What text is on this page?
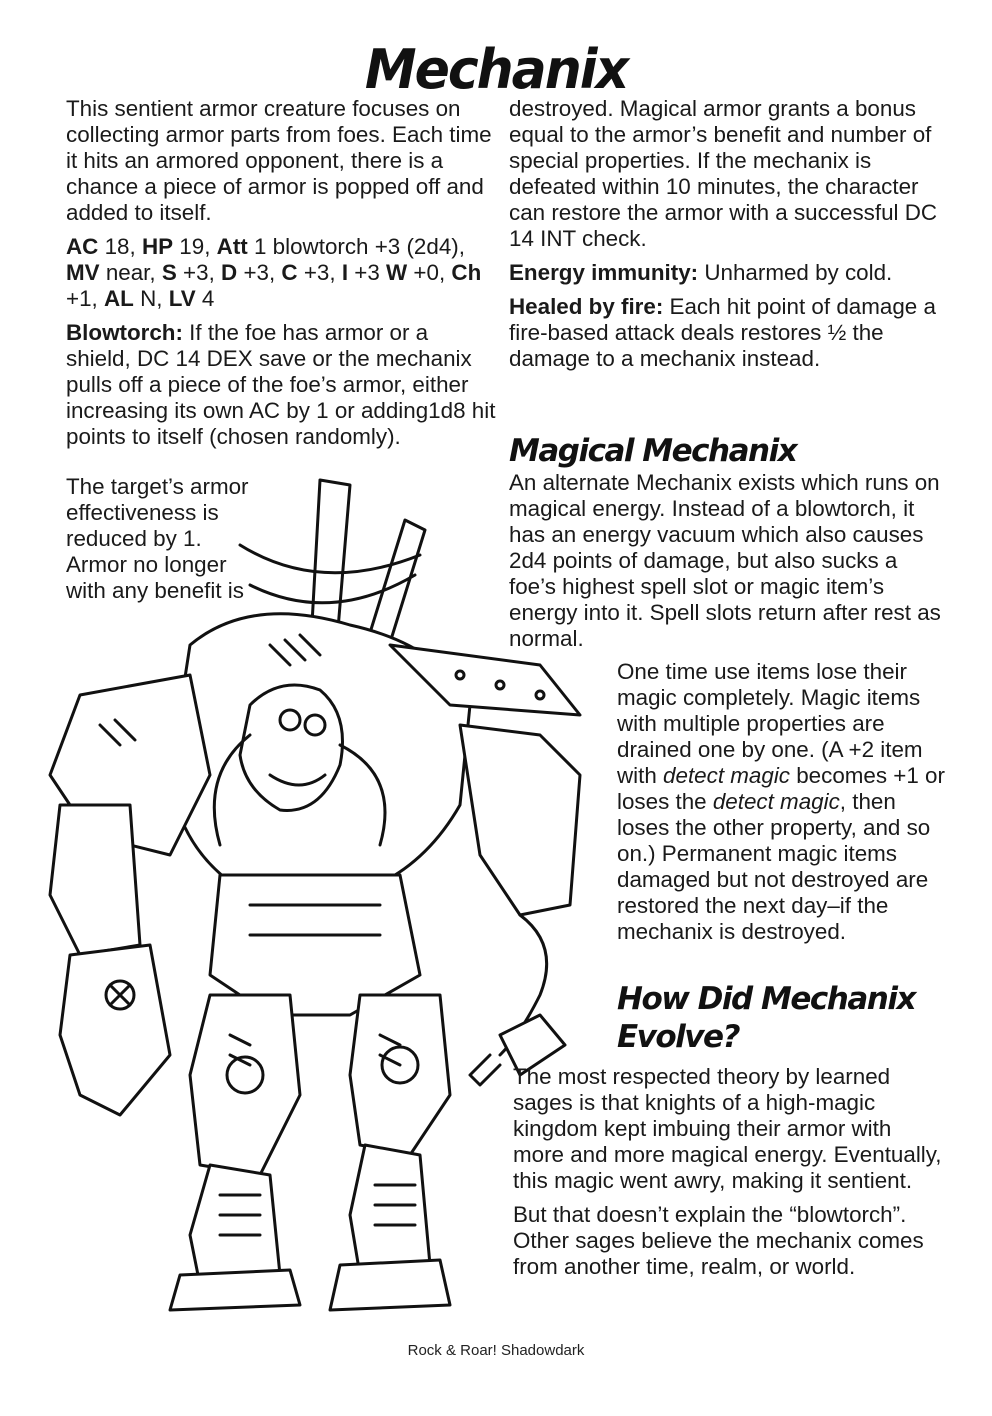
Mechanix

This sentient armor creature focuses on collecting armor parts from foes. Each time it hits an armored opponent, there is a chance a piece of armor is popped off and added to itself.

AC 18, HP 19, Att 1 blowtorch +3 (2d4), MV near, S +3, D +3, C +3, I +3 W +0, Ch +1, AL N, LV 4

Blowtorch: If the foe has armor or a shield, DC 14 DEX save or the mechanix pulls off a piece of the foe’s armor, either increasing its own AC by 1 or adding1d8 hit points to itself (chosen randomly).

The target’s armor effectiveness is reduced by 1. Armor no longer with any benefit is

destroyed. Magical armor grants a bonus equal to the armor’s benefit and number of special properties. If the mechanix is defeated within 10 minutes, the character can restore the armor with a successful DC 14 INT check.

Energy immunity: Unharmed by cold.

Healed by fire: Each hit point of damage a fire-based attack deals restores ½ the damage to a mechanix instead.

Magical Mechanix

An alternate Mechanix exists which runs on magical energy. Instead of a blowtorch, it has an energy vacuum which also causes 2d4 points of damage, but also sucks a foe’s highest spell slot or magic item’s energy into it. Spell slots return after rest as normal.

One time use items lose their magic completely. Magic items with multiple properties are drained one by one. (A +2 item with detect magic becomes +1 or loses the detect magic, then loses the other property, and so on.) Permanent magic items damaged but not destroyed are restored the next day–if the mechanix is destroyed.

How Did Mechanix Evolve?

The most respected theory by learned sages is that knights of a high-magic kingdom kept imbuing their armor with more and more magical energy. Eventually, this magic went awry, making it sentient.

But that doesn’t explain the “blowtorch”. Other sages believe the mechanix comes from another time, realm, or world.

Rock & Roar! Shadowdark
